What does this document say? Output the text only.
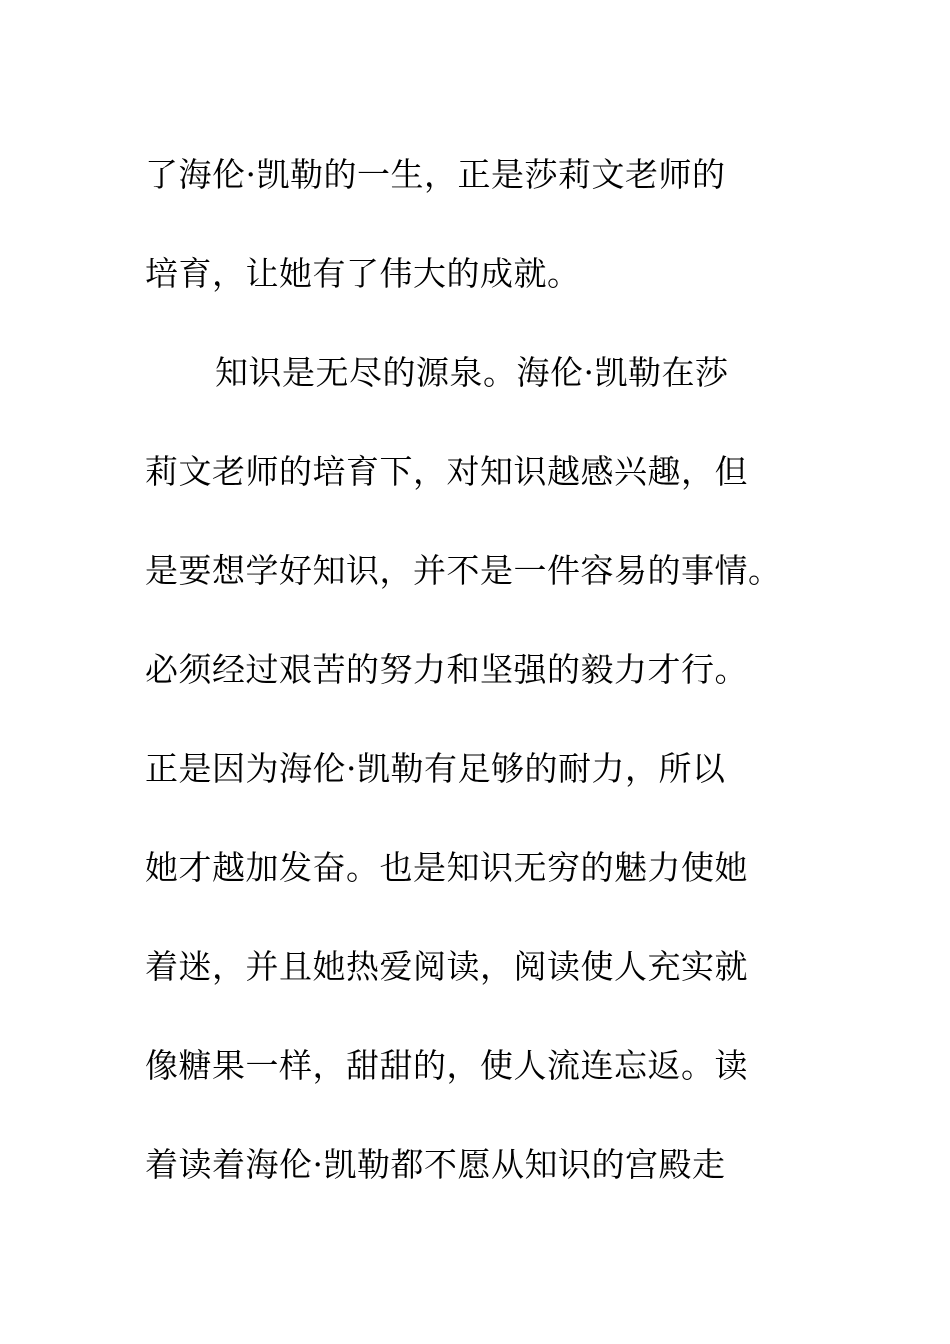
了海伦·凯勒的一生，正是莎莉文老师的
培育，让她有了伟大的成就。
知识是无尽的源泉。海伦·凯勒在莎
莉文老师的培育下，对知识越感兴趣，但
是要想学好知识，并不是一件容易的事情。
必须经过艰苦的努力和坚强的毅力才行。
正是因为海伦·凯勒有足够的耐力，所以
她才越加发奋。也是知识无穷的魅力使她
着迷，并且她热爱阅读，阅读使人充实就
像糖果一样，甜甜的，使人流连忘返。读
着读着海伦·凯勒都不愿从知识的宫殿走
